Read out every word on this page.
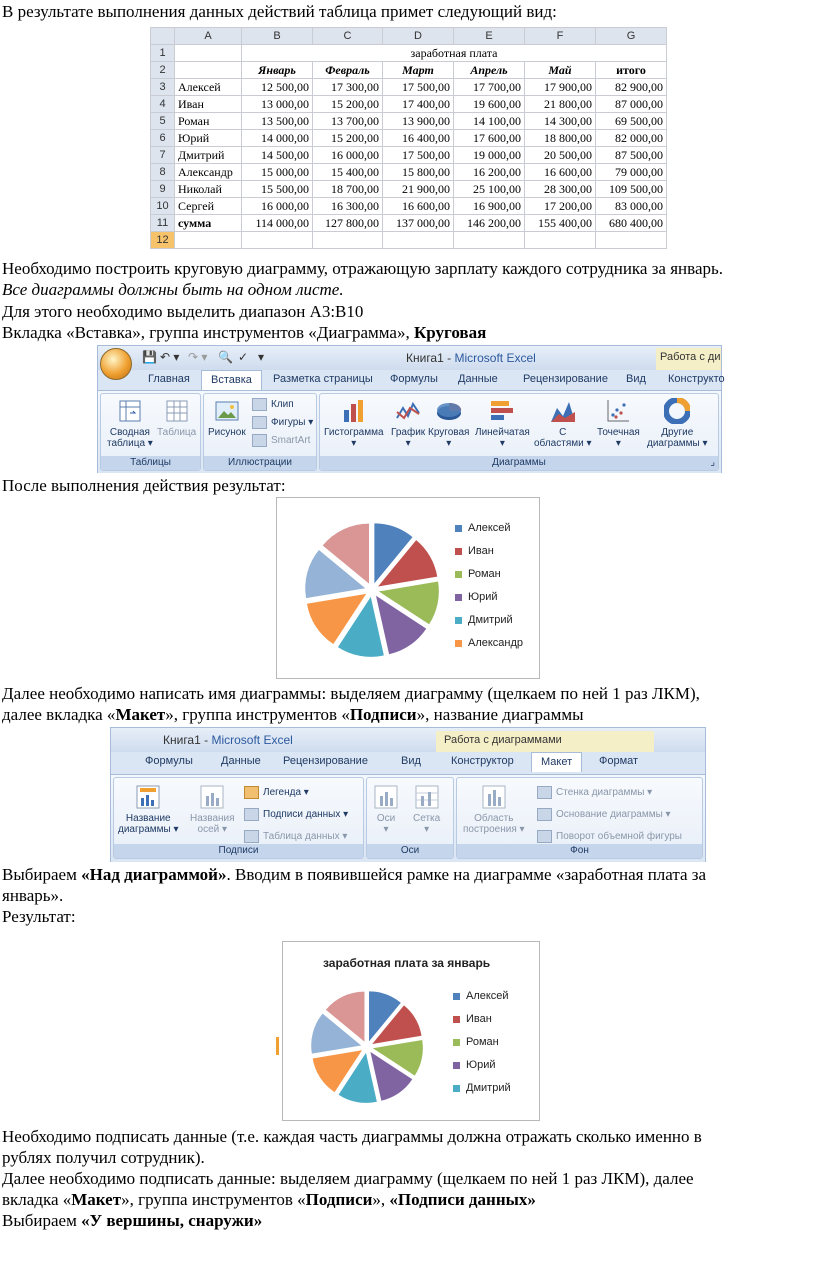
В результате выполнения данных действий таблица примет следующий вид:
	A	B	C	D	E	F	G
1		заработная плата					
2		Январь	Февраль	Март	Апрель	Май	итого
3	Алексей	12 500,00	17 300,00	17 500,00	17 700,00	17 900,00	82 900,00
4	Иван	13 000,00	15 200,00	17 400,00	19 600,00	21 800,00	87 000,00
5	Роман	13 500,00	13 700,00	13 900,00	14 100,00	14 300,00	69 500,00
6	Юрий	14 000,00	15 200,00	16 400,00	17 600,00	18 800,00	82 000,00
7	Дмитрий	14 500,00	16 000,00	17 500,00	19 000,00	20 500,00	87 500,00
8	Александр	15 000,00	15 400,00	15 800,00	16 200,00	16 600,00	79 000,00
9	Николай	15 500,00	18 700,00	21 900,00	25 100,00	28 300,00	109 500,00
10	Сергей	16 000,00	16 300,00	16 600,00	16 900,00	17 200,00	83 000,00
11	сумма	114 000,00	127 800,00	137 000,00	146 200,00	155 400,00	680 400,00
12							
Необходимо построить круговую диаграмму, отражающую зарплату каждого сотрудника за январь.
Все диаграммы должны быть на одном листе.
Для этого необходимо выделить диапазон A3:B10
Вкладка «Вставка», группа инструментов «Диаграмма», Круговая
💾 ↶ ▾ ↷ ▾ 🔍 ✓ ▾	Книга1 - Microsoft Excel	Работа с ди
Главная	Вставка	Разметка страницы Формулы Данные Рецензирование Вид Конструкто
Сводная
таблица ▾
Таблица
Таблицы
Рисунок
Клип
Фигуры ▾
SmartArt
Иллюстрации
Гистограмма
▾
График
▾
Круговая
▾
Линейчатая
▾
С
областями ▾
Точечная
▾
Другие
диаграммы ▾
Диаграммы	⌟
После выполнения действия результат:
Алексей
Иван
Роман
Юрий
Дмитрий
Александр
Далее необходимо написать имя диаграммы: выделяем диаграмму (щелкаем по ней 1 раз ЛКМ),
далее вкладка «Макет», группа инструментов «Подписи», название диаграммы
Книга1 - Microsoft Excel	Работа с диаграммами
Формулы	Данные Рецензирование	Вид	Конструктор	Макет	Формат
Название
диаграммы ▾
Названия
осей ▾
Легенда ▾
Подписи данных ▾
Таблица данных ▾
Подписи
Оси
▾
Сетка
▾
Оси
Область
построения ▾
Стенка диаграммы ▾
Основание диаграммы ▾
Поворот объемной фигуры
Фон
Выбираем «Над диаграммой». Вводим в появившейся рамке на диаграмме «заработная плата за
январь».
Результат:
заработная плата за январь
Алексей
Иван
Роман
Юрий
Дмитрий
Необходимо подписать данные (т.е. каждая часть диаграммы должна отражать сколько именно в
рублях получил сотрудник).
Далее необходимо подписать данные: выделяем диаграмму (щелкаем по ней 1 раз ЛКМ), далее
вкладка «Макет», группа инструментов «Подписи», «Подписи данных»
Выбираем «У вершины, снаружи»
